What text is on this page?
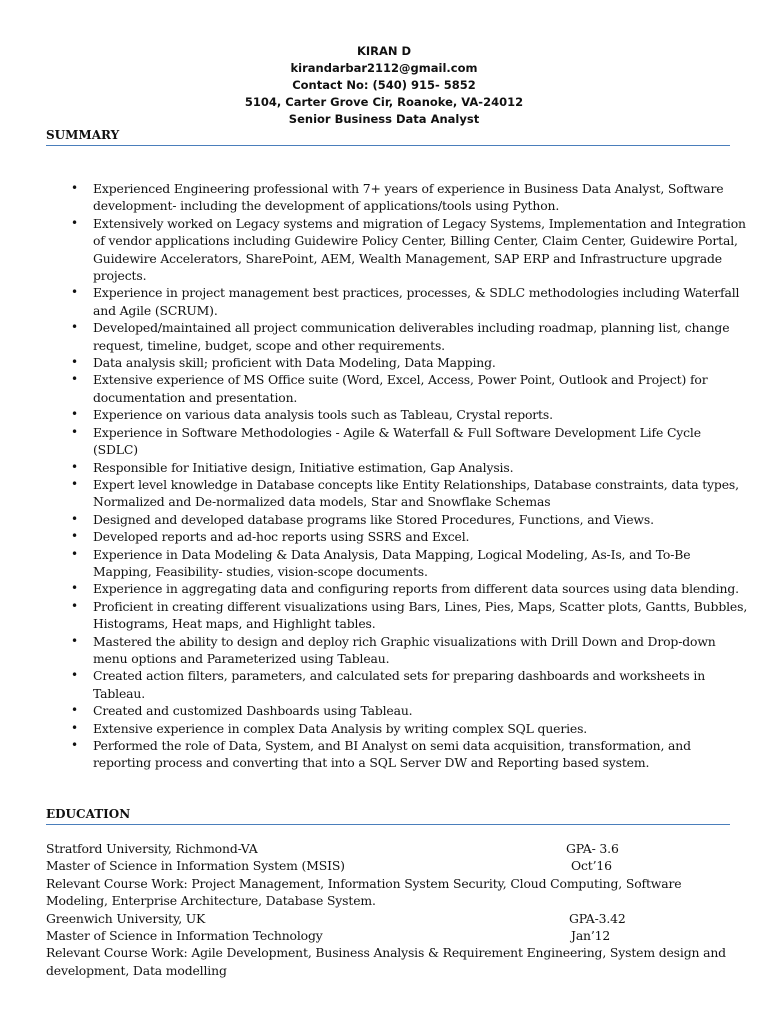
KIRAN D
kirandarbar2112@gmail.com
Contact No: (540) 915- 5852
5104, Carter Grove Cir, Roanoke, VA-24012
Senior Business Data Analyst
SUMMARY
• Experienced Engineering professional with 7+ years of experience in Business Data Analyst, Software development- including the development of applications/tools using Python.
• Extensively worked on Legacy systems and migration of Legacy Systems, Implementation and Integration of vendor applications including Guidewire Policy Center, Billing Center, Claim Center, Guidewire Portal, Guidewire Accelerators, SharePoint, AEM, Wealth Management, SAP ERP and Infrastructure upgrade projects.
• Experience in project management best practices, processes, & SDLC methodologies including Waterfall and Agile (SCRUM).
• Developed/maintained all project communication deliverables including roadmap, planning list, change request, timeline, budget, scope and other requirements.
• Data analysis skill; proficient with Data Modeling, Data Mapping.
• Extensive experience of MS Office suite (Word, Excel, Access, Power Point, Outlook and Project) for documentation and presentation.
• Experience on various data analysis tools such as Tableau, Crystal reports.
• Experience in Software Methodologies - Agile & Waterfall & Full Software Development Life Cycle (SDLC)
• Responsible for Initiative design, Initiative estimation, Gap Analysis.
• Expert level knowledge in Database concepts like Entity Relationships, Database constraints, data types, Normalized and De-normalized data models, Star and Snowflake Schemas
• Designed and developed database programs like Stored Procedures, Functions, and Views.
• Developed reports and ad-hoc reports using SSRS and Excel.
• Experience in Data Modeling & Data Analysis, Data Mapping, Logical Modeling, As-Is, and To-Be Mapping, Feasibility- studies, vision-scope documents.
• Experience in aggregating data and configuring reports from different data sources using data blending.
• Proficient in creating different visualizations using Bars, Lines, Pies, Maps, Scatter plots, Gantts, Bubbles, Histograms, Heat maps, and Highlight tables.
• Mastered the ability to design and deploy rich Graphic visualizations with Drill Down and Drop-down menu options and Parameterized using Tableau.
• Created action filters, parameters, and calculated sets for preparing dashboards and worksheets in Tableau.
• Created and customized Dashboards using Tableau.
• Extensive experience in complex Data Analysis by writing complex SQL queries.
• Performed the role of Data, System, and BI Analyst on semi data acquisition, transformation, and reporting process and converting that into a SQL Server DW and Reporting based system.
EDUCATION
Stratford University, Richmond-VA	GPA- 3.6
Master of Science in Information System (MSIS)	Oct’16
Relevant Course Work: Project Management, Information System Security, Cloud Computing, Software Modeling, Enterprise Architecture, Database System.
Greenwich University, UK	GPA-3.42
Master of Science in Information Technology	Jan’12
Relevant Course Work: Agile Development, Business Analysis & Requirement Engineering, System design and development, Data modelling
